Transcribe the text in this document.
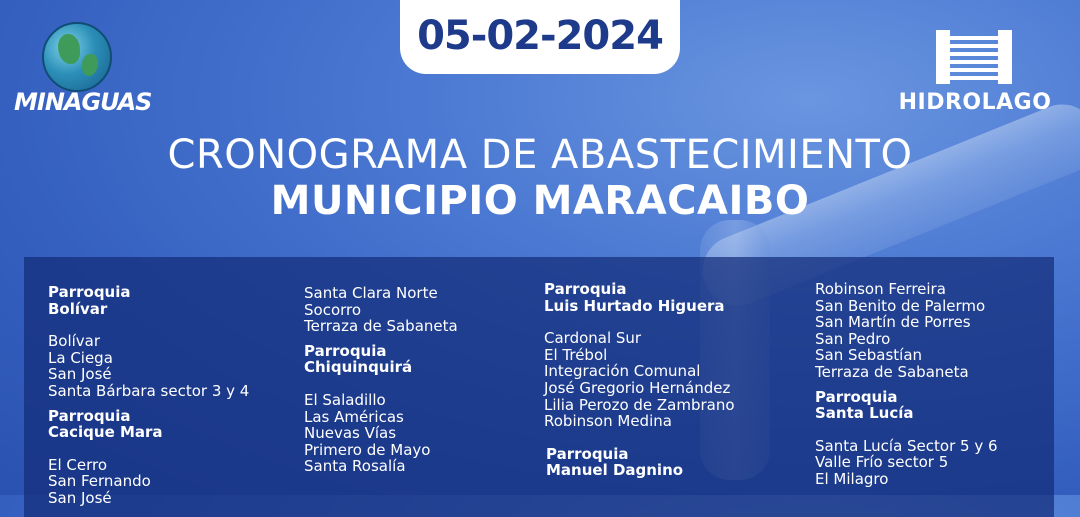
05-02-2024
MINAGUAS	HIDROLAGO
CRONOGRAMA DE ABASTECIMIENTO
MUNICIPIO MARACAIBO
Parroquia
Bolívar
Bolívar
La Ciega
San José
Santa Bárbara sector 3 y 4
Parroquia
Cacique Mara
El Cerro
San Fernando
San José
Santa Clara Norte
Socorro
Terraza de Sabaneta
Parroquia
Chiquinquirá
El Saladillo
Las Américas
Nuevas Vías
Primero de Mayo
Santa Rosalía
Parroquia
Luis Hurtado Higuera
Cardonal Sur
El Trébol
Integración Comunal
José Gregorio Hernández
Lilia Perozo de Zambrano
Robinson Medina
Parroquia
Manuel Dagnino
Robinson Ferreira
San Benito de Palermo
San Martín de Porres
San Pedro
San Sebastían
Terraza de Sabaneta
Parroquia
Santa Lucía
Santa Lucía Sector 5 y 6
Valle Frío sector 5
El Milagro
